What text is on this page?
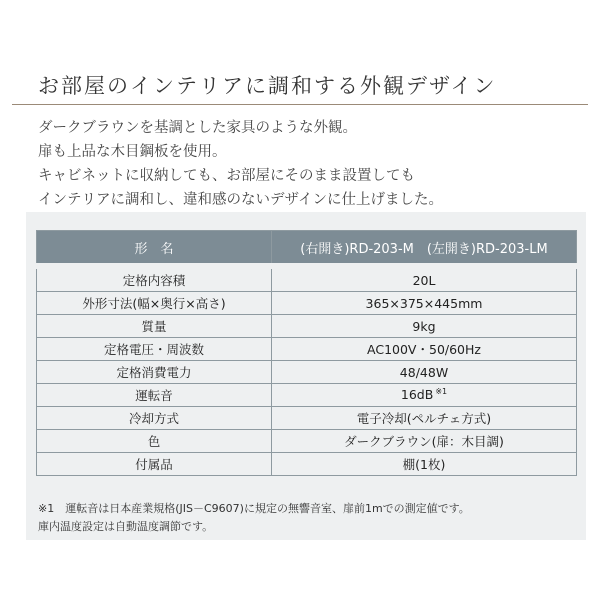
お部屋のインテリアに調和する外観デザイン
ダークブラウンを基調とした家具のような外観。
扉も上品な木目鋼板を使用。
キャビネットに収納しても、お部屋にそのまま設置しても
インテリアに調和し、違和感のないデザインに仕上げました。
形　名	(右開き)RD-203-M　(左開き)RD-203-LM

定格内容積	20L

外形寸法(幅×奥行×高さ)	365×375×445mm

質量	9kg

定格電圧・周波数	AC100V・50/60Hz

定格消費電力	48/48W

運転音	16dB $^{※1}$

冷却方式	電子冷却(ペルチェ方式)

色	ダークブラウン(扉：木目調)

付属品	棚(1枚)
※1　運転音は日本産業規格(JIS－C9607)に規定の無響音室、扉前1mでの測定値です。
庫内温度設定は自動温度調節です。
